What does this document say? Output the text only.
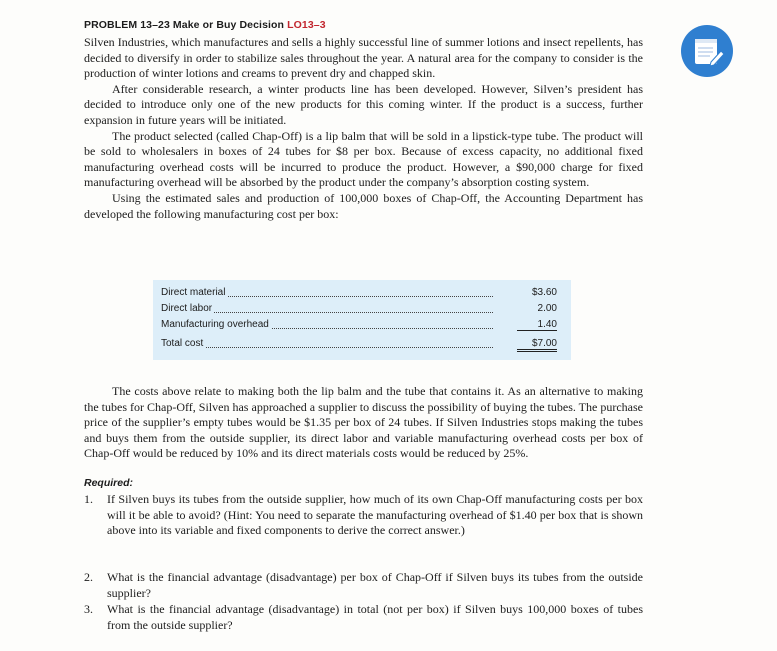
PROBLEM 13–23 Make or Buy Decision LO13–3

Silven Industries, which manufactures and sells a highly successful line of summer lotions and insect repellents, has decided to diversify in order to stabilize sales throughout the year. A natural area for the company to consider is the production of winter lotions and creams to prevent dry and chapped skin.

After considerable research, a winter products line has been developed. However, Silven’s president has decided to introduce only one of the new products for this coming winter. If the product is a success, further expansion in future years will be initiated.

The product selected (called Chap-Off) is a lip balm that will be sold in a lipstick-type tube. The product will be sold to wholesalers in boxes of 24 tubes for $8 per box. Because of excess capacity, no additional fixed manufacturing overhead costs will be incurred to produce the product. However, a $90,000 charge for fixed manufacturing overhead will be absorbed by the product under the company’s absorption costing system.

Using the estimated sales and production of 100,000 boxes of Chap-Off, the Accounting Department has developed the following manufacturing cost per box:

Direct material	$3.60
Direct labor	2.00
Manufacturing overhead	1.40
Total cost	$7.00

The costs above relate to making both the lip balm and the tube that contains it. As an alternative to making the tubes for Chap-Off, Silven has approached a supplier to discuss the possibility of buying the tubes. The purchase price of the supplier’s empty tubes would be $1.35 per box of 24 tubes. If Silven Industries stops making the tubes and buys them from the outside supplier, its direct labor and variable manufacturing overhead costs per box of Chap-Off would be reduced by 10% and its direct materials costs would be reduced by 25%.

Required:
1. If Silven buys its tubes from the outside supplier, how much of its own Chap-Off manufacturing costs per box will it be able to avoid? (Hint: You need to separate the manufacturing overhead of $1.40 per box that is shown above into its variable and fixed components to derive the correct answer.)
2. What is the financial advantage (disadvantage) per box of Chap-Off if Silven buys its tubes from the outside supplier?
3. What is the financial advantage (disadvantage) in total (not per box) if Silven buys 100,000 boxes of tubes from the outside supplier?
